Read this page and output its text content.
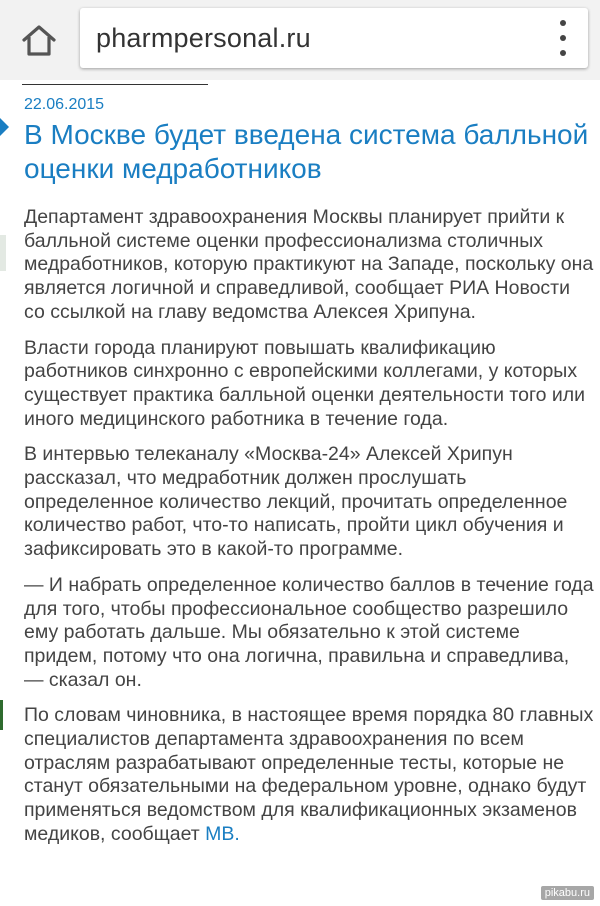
pharmpersonal.ru
22.06.2015
В Москве будет введена система балльной оценки медработников

Департамент здравоохранения Москвы планирует прийти к балльной системе оценки профессионализма столичных медработников, которую практикуют на Западе, поскольку она является логичной и справедливой, сообщает РИА Новости со ссылкой на главу ведомства Алексея Хрипуна.

Власти города планируют повышать квалификацию работников синхронно с европейскими коллегами, у которых существует практика балльной оценки деятельности того или иного медицинского работника в течение года.

В интервью телеканалу «Москва-24» Алексей Хрипун рассказал, что медработник должен прослушать определенное количество лекций, прочитать определенное количество работ, что-то написать, пройти цикл обучения и зафиксировать это в какой-то программе.

— И набрать определенное количество баллов в течение года для того, чтобы профессиональное сообщество разрешило ему работать дальше. Мы обязательно к этой системе придем, потому что она логична, правильна и справедлива, — сказал он.

По словам чиновника, в настоящее время порядка 80 главных специалистов департамента здравоохранения по всем отраслям разрабатывают определенные тесты, которые не станут обязательными на федеральном уровне, однако будут применяться ведомством для квалификационных экзаменов медиков, сообщает MB.

pikabu.ru
